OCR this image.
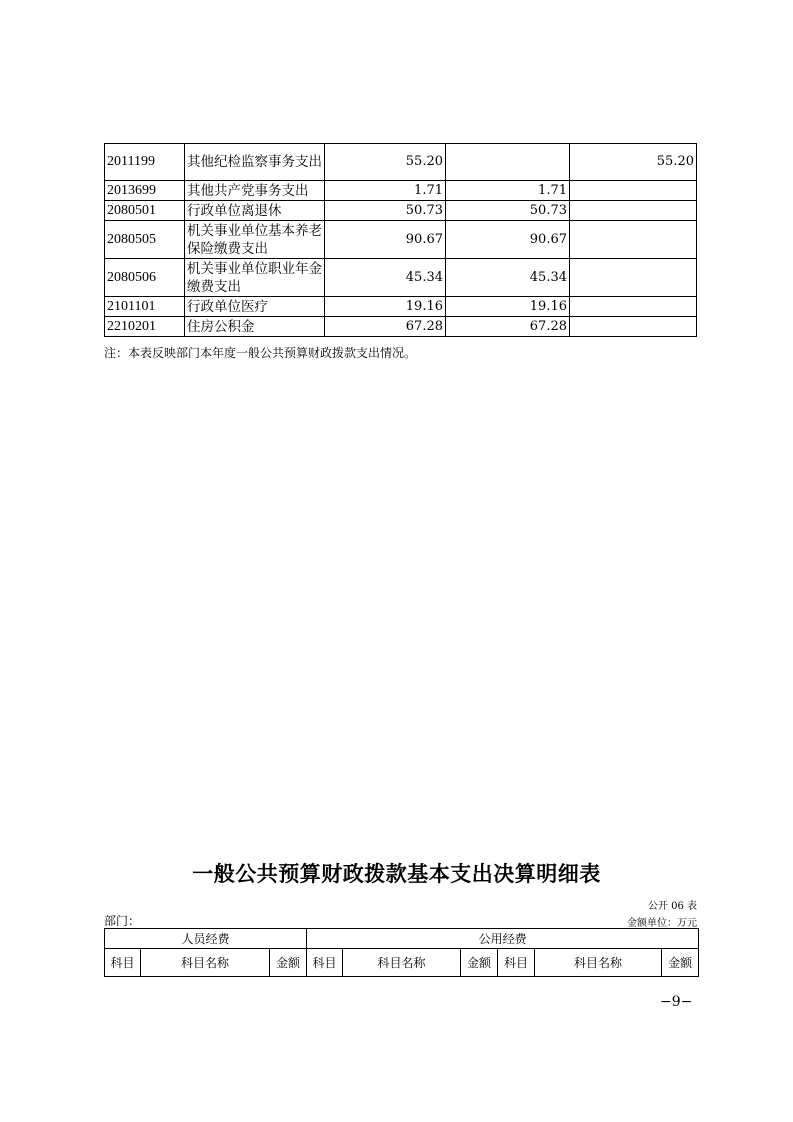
2011199	其他纪检监察事务支出	55.20		55.20
2013699	其他共产党事务支出	1.71	1.71	
2080501	行政单位离退休	50.73	50.73	
2080505	机关事业单位基本养老保险缴费支出	90.67	90.67	
2080506	机关事业单位职业年金缴费支出	45.34	45.34	
2101101	行政单位医疗	19.16	19.16	
2210201	住房公积金	67.28	67.28	
注：本表反映部门本年度一般公共预算财政拨款支出情况。
一般公共预算财政拨款基本支出决算明细表
公开 06 表
部门：	金额单位：万元
人员经费			公用经费					
科目	科目名称	金额	科目	科目名称	金额	科目	科目名称	金额
−9−
